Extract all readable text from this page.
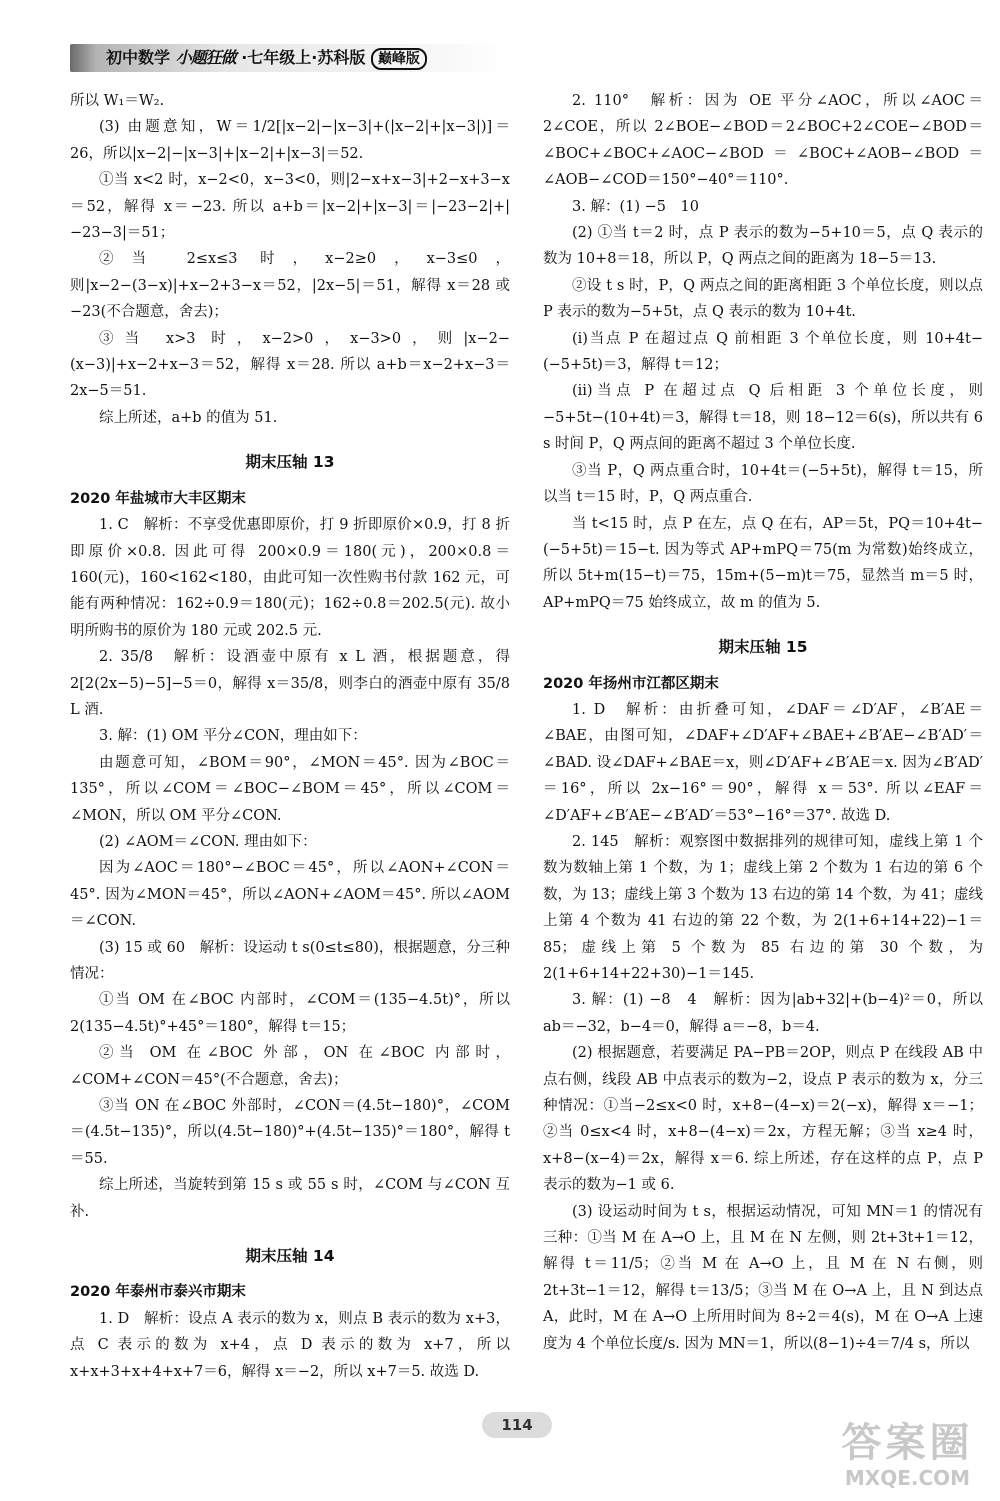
初中数学 小题狂做 ·七年级上·苏科版 巅峰版

所以 W₁＝W₂.

(3) 由题意知，W＝1/2[|x−2|−|x−3|+(|x−2|+|x−3|)]＝26，所以|x−2|−|x−3|+|x−2|+|x−3|＝52.

①当 x<2 时，x−2<0，x−3<0，则|2−x+x−3|+2−x+3−x＝52，解得 x＝−23. 所以 a+b＝|x−2|+|x−3|＝|−23−2|+|−23−3|＝51；

②当 2≤x≤3 时，x−2≥0，x−3≤0，则|x−2−(3−x)|+x−2+3−x＝52，|2x−5|＝51，解得 x＝28 或−23(不合题意，舍去)；

③当 x>3 时，x−2>0，x−3>0，则|x−2−(x−3)|+x−2+x−3＝52，解得 x＝28. 所以 a+b＝x−2+x−3＝2x−5＝51.

综上所述，a+b 的值为 51.

期末压轴 13

2020 年盐城市大丰区期末

1. C　解析：不享受优惠即原价，打 9 折即原价×0.9，打 8 折即原价×0.8. 因此可得 200×0.9＝180(元)，200×0.8＝160(元)，160<162<180，由此可知一次性购书付款 162 元，可能有两种情况：162÷0.9＝180(元)；162÷0.8＝202.5(元). 故小明所购书的原价为 180 元或 202.5 元.

2. 35/8　解析：设酒壶中原有 x L 酒，根据题意，得 2[2(2x−5)−5]−5＝0，解得 x＝35/8，则李白的酒壶中原有 35/8 L 酒.

3. 解：(1) OM 平分∠CON，理由如下：

由题意可知，∠BOM＝90°，∠MON＝45°. 因为∠BOC＝135°，所以∠COM＝∠BOC−∠BOM＝45°，所以∠COM＝∠MON，所以 OM 平分∠CON.

(2) ∠AOM＝∠CON. 理由如下：

因为∠AOC＝180°−∠BOC＝45°，所以∠AON+∠CON＝45°. 因为∠MON＝45°，所以∠AON+∠AOM＝45°. 所以∠AOM＝∠CON.

(3) 15 或 60　解析：设运动 t s(0≤t≤80)，根据题意，分三种情况：

①当 OM 在∠BOC 内部时，∠COM＝(135−4.5t)°，所以 2(135−4.5t)°+45°＝180°，解得 t＝15；

②当 OM 在∠BOC 外部，ON 在∠BOC 内部时，∠COM+∠CON＝45°(不合题意，舍去)；

③当 ON 在∠BOC 外部时，∠CON＝(4.5t−180)°，∠COM＝(4.5t−135)°，所以(4.5t−180)°+(4.5t−135)°＝180°，解得 t＝55.

综上所述，当旋转到第 15 s 或 55 s 时，∠COM 与∠CON 互补.

期末压轴 14

2020 年泰州市泰兴市期末

1. D　解析：设点 A 表示的数为 x，则点 B 表示的数为 x+3，点 C 表示的数为 x+4，点 D 表示的数为 x+7，所以 x+x+3+x+4+x+7＝6，解得 x＝−2，所以 x+7＝5. 故选 D.

2. 110°　解析：因为 OE 平分∠AOC，所以∠AOC＝2∠COE，所以 2∠BOE−∠BOD＝2∠BOC+2∠COE−∠BOD＝∠BOC+∠BOC+∠AOC−∠BOD＝∠BOC+∠AOB−∠BOD＝∠AOB−∠COD＝150°−40°＝110°.

3. 解：(1) −5　10

(2) ①当 t＝2 时，点 P 表示的数为−5+10＝5，点 Q 表示的数为 10+8＝18，所以 P，Q 两点之间的距离为 18−5＝13.

②设 t s 时，P，Q 两点之间的距离相距 3 个单位长度，则以点 P 表示的数为−5+5t，点 Q 表示的数为 10+4t.

(i)当点 P 在超过点 Q 前相距 3 个单位长度，则 10+4t−(−5+5t)＝3，解得 t＝12；

(ii)当点 P 在超过点 Q 后相距 3 个单位长度，则−5+5t−(10+4t)＝3，解得 t＝18，则 18−12＝6(s)，所以共有 6 s 时间 P，Q 两点间的距离不超过 3 个单位长度.

③当 P，Q 两点重合时，10+4t＝(−5+5t)，解得 t＝15，所以当 t＝15 时，P，Q 两点重合.

当 t<15 时，点 P 在左，点 Q 在右，AP＝5t，PQ＝10+4t−(−5+5t)＝15−t. 因为等式 AP+mPQ＝75(m 为常数)始终成立，所以 5t+m(15−t)＝75，15m+(5−m)t＝75，显然当 m＝5 时，AP+mPQ＝75 始终成立，故 m 的值为 5.

期末压轴 15

2020 年扬州市江都区期末

1. D　解析：由折叠可知，∠DAF＝∠D′AF，∠B′AE＝∠BAE，由图可知，∠DAF+∠D′AF+∠BAE+∠B′AE−∠B′AD′＝∠BAD. 设∠DAF+∠BAE＝x，则∠D′AF+∠B′AE＝x. 因为∠B′AD′＝16°，所以 2x−16°＝90°，解得 x＝53°. 所以∠EAF＝∠D′AF+∠B′AE−∠B′AD′＝53°−16°＝37°. 故选 D.

2. 145　解析：观察图中数据排列的规律可知，虚线上第 1 个数为数轴上第 1 个数，为 1；虚线上第 2 个数为 1 右边的第 6 个数，为 13；虚线上第 3 个数为 13 右边的第 14 个数，为 41；虚线上第 4 个数为 41 右边的第 22 个数，为 2(1+6+14+22)−1＝85；虚线上第 5 个数为 85 右边的第 30 个数，为 2(1+6+14+22+30)−1＝145.

3. 解：(1) −8　4　解析：因为|ab+32|+(b−4)²＝0，所以 ab＝−32，b−4＝0，解得 a＝−8，b＝4.

(2) 根据题意，若要满足 PA−PB＝2OP，则点 P 在线段 AB 中点右侧，线段 AB 中点表示的数为−2，设点 P 表示的数为 x，分三种情况：①当−2≤x<0 时，x+8−(4−x)＝2(−x)，解得 x＝−1；②当 0≤x<4 时，x+8−(4−x)＝2x，方程无解；③当 x≥4 时，x+8−(x−4)＝2x，解得 x＝6. 综上所述，存在这样的点 P，点 P 表示的数为−1 或 6.

(3) 设运动时间为 t s，根据运动情况，可知 MN＝1 的情况有三种：①当 M 在 A→O 上，且 M 在 N 左侧，则 2t+3t+1＝12，解得 t＝11/5；②当 M 在 A→O 上，且 M 在 N 右侧，则 2t+3t−1＝12，解得 t＝13/5；③当 M 在 O→A 上，且 N 到达点 A，此时，M 在 A→O 上所用时间为 8÷2＝4(s)，M 在 O→A 上速度为 4 个单位长度/s. 因为 MN＝1，所以(8−1)÷4＝7/4 s，所以

114	答案圈
MXQE.COM
